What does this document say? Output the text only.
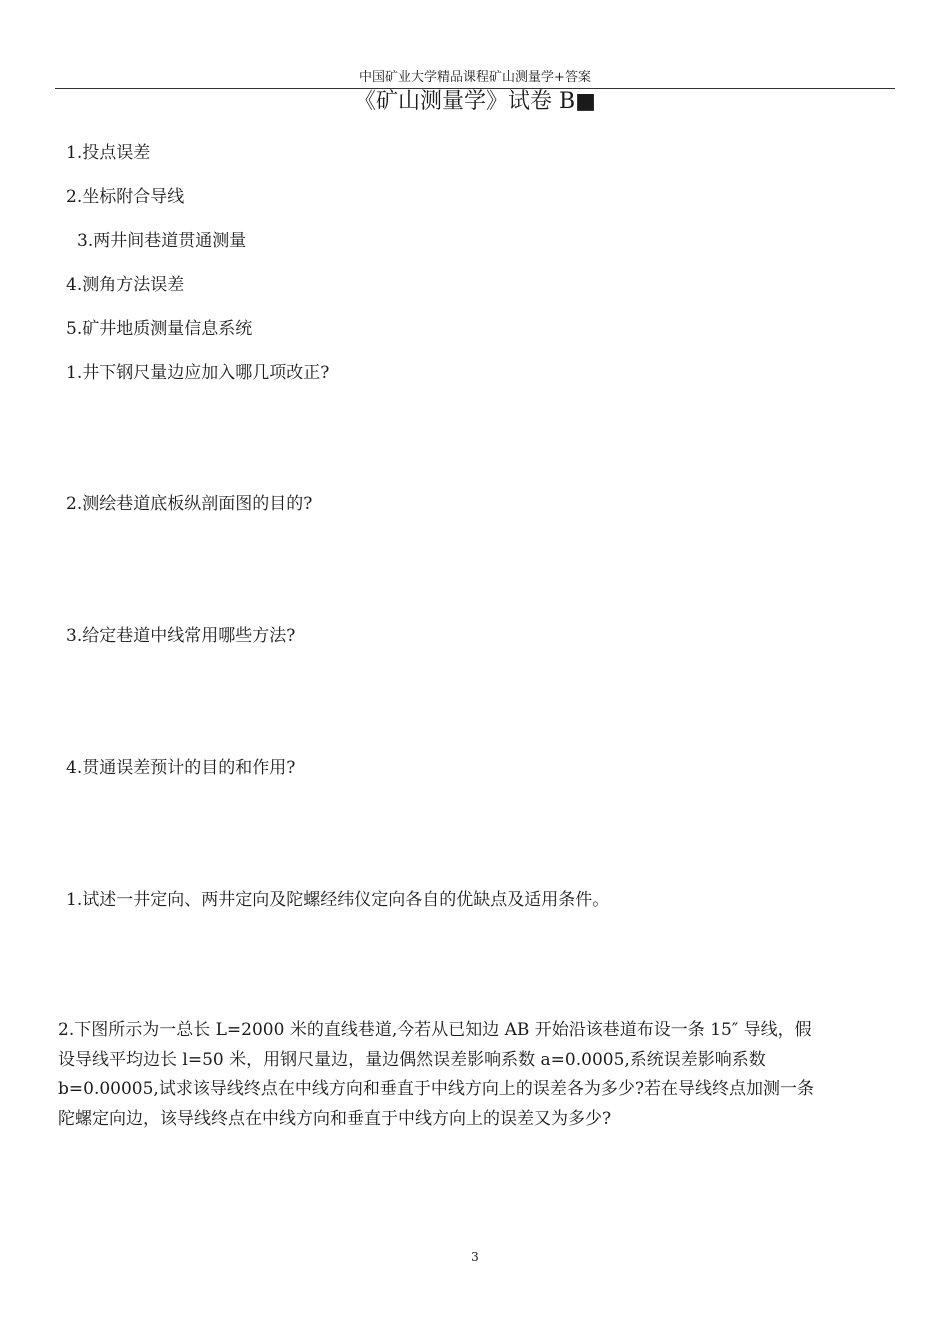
中国矿业大学精品课程矿山测量学+答案
《矿山测量学》试卷 B■
1.投点误差
2.坐标附合导线
3.两井间巷道贯通测量
4.测角方法误差
5.矿井地质测量信息系统
1.井下钢尺量边应加入哪几项改正?
2.测绘巷道底板纵剖面图的目的?
3.给定巷道中线常用哪些方法?
4.贯通误差预计的目的和作用?
1.试述一井定向、两井定向及陀螺经纬仪定向各自的优缺点及适用条件。
2.下图所示为一总长 L=2000 米的直线巷道,今若从已知边 AB 开始沿该巷道布设一条 15″ 导线，假
设导线平均边长 l=50 米，用钢尺量边，量边偶然误差影响系数 a=0.0005,系统误差影响系数
b=0.00005,试求该导线终点在中线方向和垂直于中线方向上的误差各为多少?若在导线终点加测一条
陀螺定向边，该导线终点在中线方向和垂直于中线方向上的误差又为多少?
3
